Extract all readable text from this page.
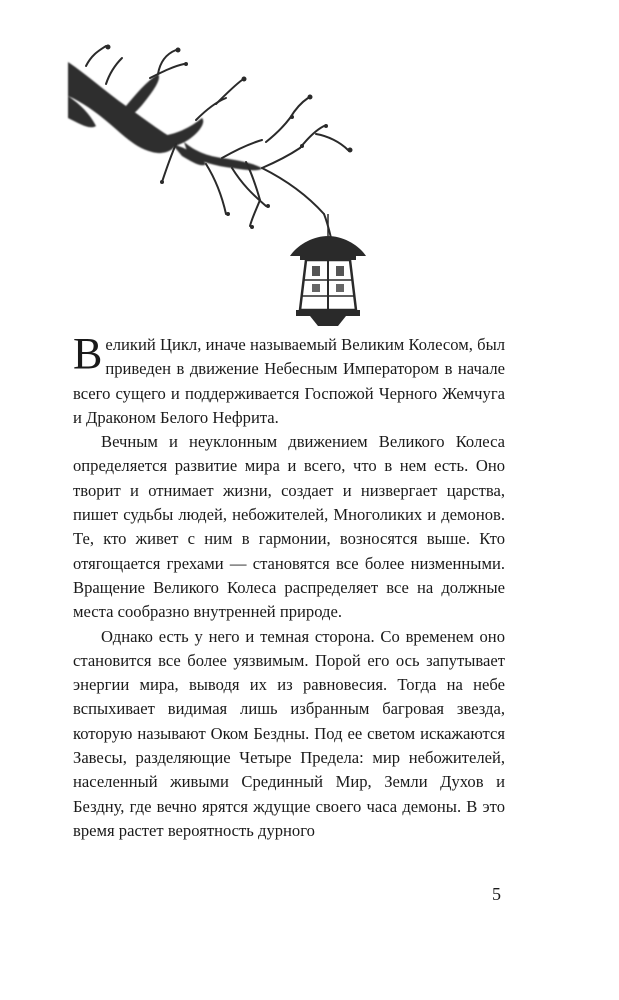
Великий Цикл, иначе называемый Великим Колесом, был приведен в движение Небесным Императором в начале всего сущего и поддерживается Госпожой Черного Жемчуга и Драконом Белого Нефрита.

Вечным и неуклонным движением Великого Колеса определяется развитие мира и всего, что в нем есть. Оно творит и отнимает жизни, создает и низвергает царства, пишет судьбы людей, небожителей, Многоликих и демонов. Те, кто живет с ним в гармонии, возносятся выше. Кто отягощается грехами — становятся все более низменными. Вращение Великого Колеса распределяет все на должные места сообразно внутренней природе.

Однако есть у него и темная сторона. Со временем оно становится все более уязвимым. Порой его ось запутывает энергии мира, выводя их из равновесия. Тогда на небе вспыхивает видимая лишь избранным багровая звезда, которую называют Оком Бездны. Под ее светом искажаются Завесы, разделяющие Четыре Предела: мир небожителей, населенный живыми Срединный Мир, Земли Духов и Бездну, где вечно ярятся ждущие своего часа демоны. В это время растет вероятность дурного

5
